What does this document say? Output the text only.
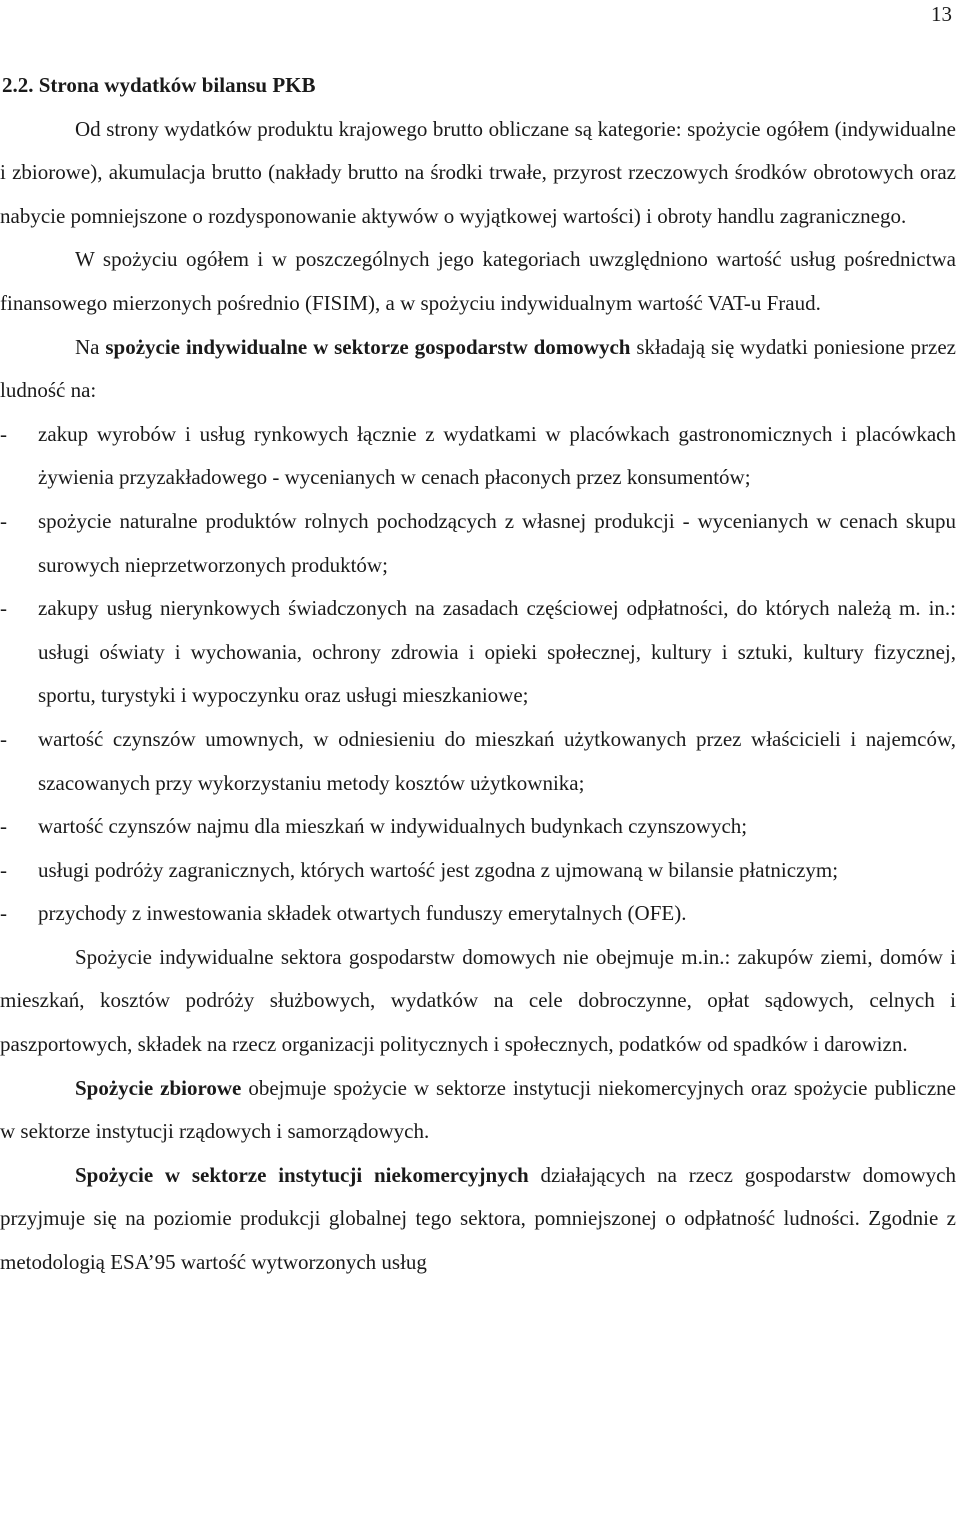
13
2.2. Strona wydatków bilansu PKB

Od strony wydatków produktu krajowego brutto obliczane są kategorie: spożycie ogółem (indywidualne i zbiorowe), akumulacja brutto (nakłady brutto na środki trwałe, przyrost rzeczowych środków obrotowych oraz nabycie pomniejszone o rozdysponowanie aktywów o wyjątkowej wartości) i obroty handlu zagranicznego.

W spożyciu ogółem i w poszczególnych jego kategoriach uwzględniono wartość usług pośrednictwa finansowego mierzonych pośrednio (FISIM), a w spożyciu indywidualnym wartość VAT-u Fraud.

Na spożycie indywidualne w sektorze gospodarstw domowych składają się wydatki poniesione przez ludność na:

- zakup wyrobów i usług rynkowych łącznie z wydatkami w placówkach gastronomicznych i placówkach żywienia przyzakładowego - wycenianych w cenach płaconych przez konsumentów;
- spożycie naturalne produktów rolnych pochodzących z własnej produkcji - wycenianych w cenach skupu surowych nieprzetworzonych produktów;
- zakupy usług nierynkowych świadczonych na zasadach częściowej odpłatności, do których należą m. in.: usługi oświaty i wychowania, ochrony zdrowia i opieki społecznej, kultury i sztuki, kultury fizycznej, sportu, turystyki i wypoczynku oraz usługi mieszkaniowe;
- wartość czynszów umownych, w odniesieniu do mieszkań użytkowanych przez właścicieli i najemców, szacowanych przy wykorzystaniu metody kosztów użytkownika;
- wartość czynszów najmu dla mieszkań w indywidualnych budynkach czynszowych;
- usługi podróży zagranicznych, których wartość jest zgodna z ujmowaną w bilansie płatniczym;
- przychody z inwestowania składek otwartych funduszy emerytalnych (OFE).

Spożycie indywidualne sektora gospodarstw domowych nie obejmuje m.in.: zakupów ziemi, domów i mieszkań, kosztów podróży służbowych, wydatków na cele dobroczynne, opłat sądowych, celnych i paszportowych, składek na rzecz organizacji politycznych i społecznych, podatków od spadków i darowizn.

Spożycie zbiorowe obejmuje spożycie w sektorze instytucji niekomercyjnych oraz spożycie publiczne w sektorze instytucji rządowych i samorządowych.

Spożycie w sektorze instytucji niekomercyjnych działających na rzecz gospodarstw domowych przyjmuje się na poziomie produkcji globalnej tego sektora, pomniejszonej o odpłatność ludności. Zgodnie z metodologią ESA’95 wartość wytworzonych usług
